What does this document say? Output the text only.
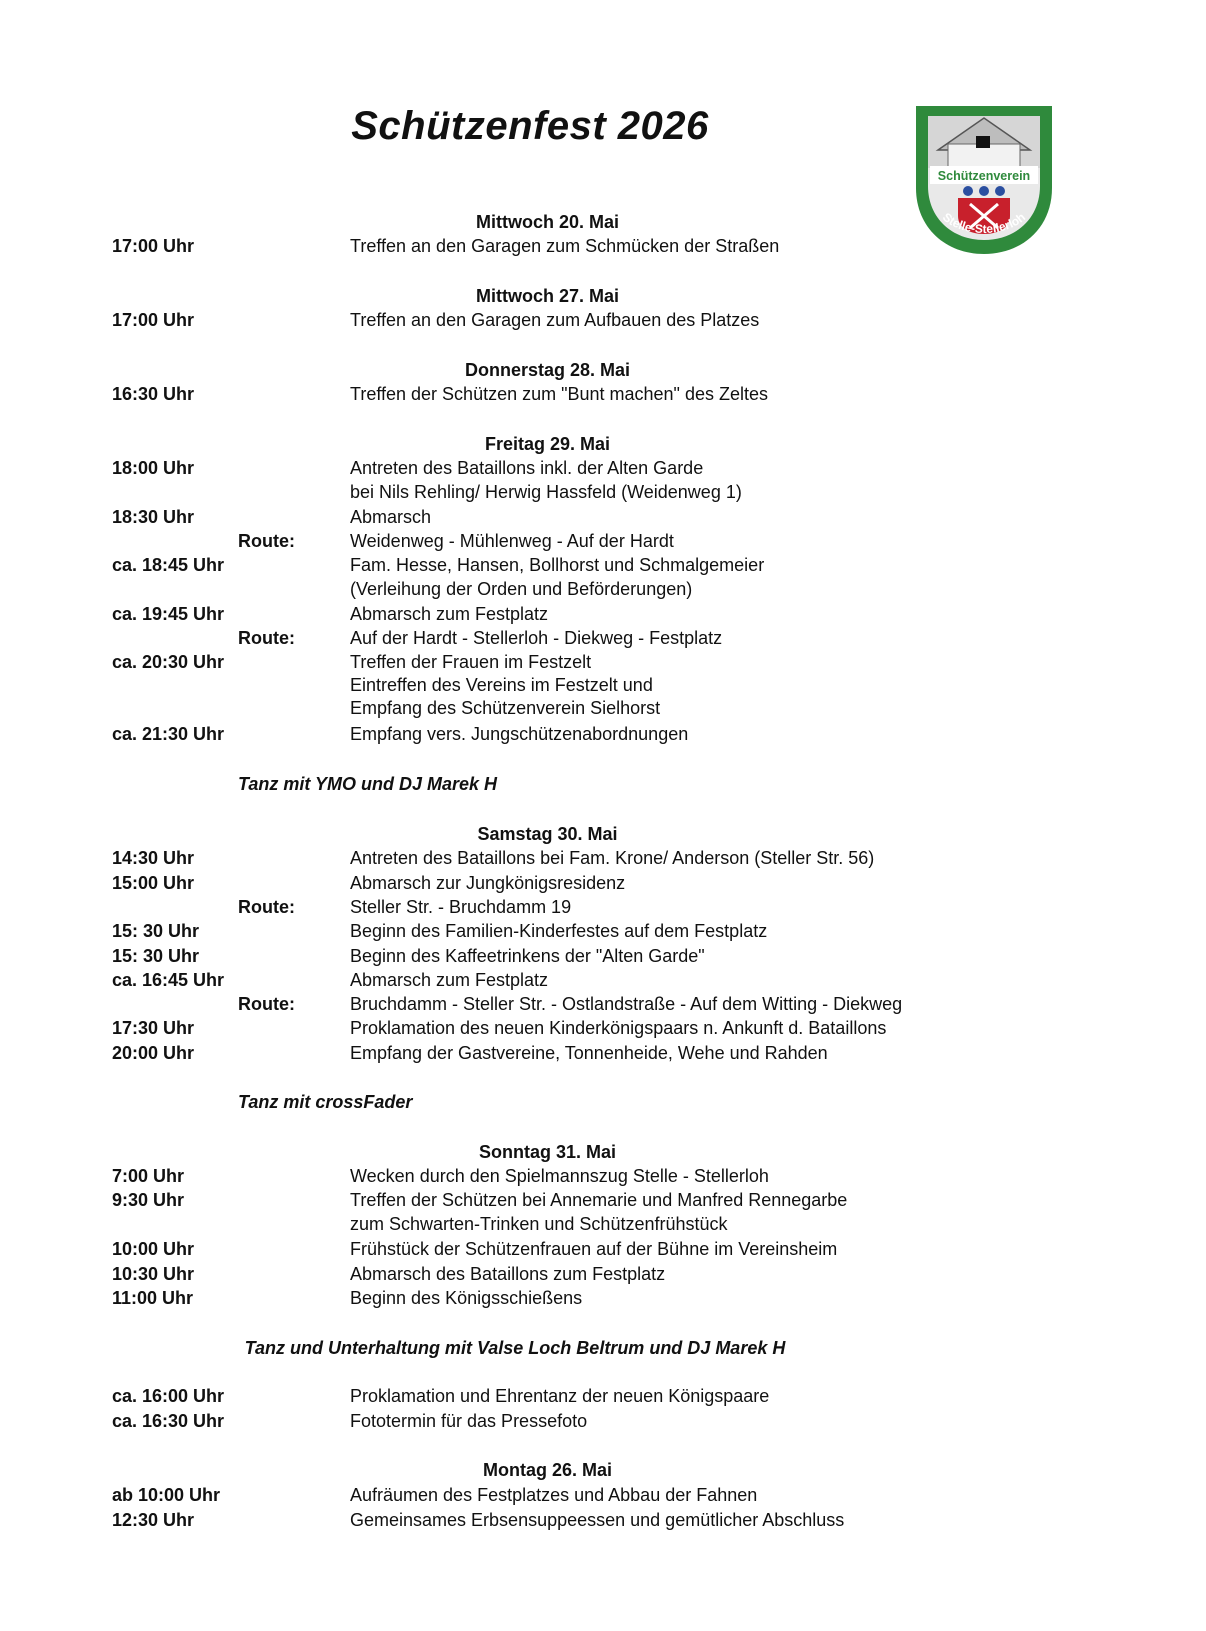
Schützenfest 2026
Schützenverein
Stelle-Stellerloh
Mittwoch 20. Mai
17:00 Uhr	Treffen an den Garagen zum Schmücken der Straßen
Mittwoch 27. Mai
17:00 Uhr	Treffen an den Garagen zum Aufbauen des Platzes
Donnerstag 28. Mai
16:30 Uhr	Treffen der Schützen zum "Bunt machen" des Zeltes
Freitag 29. Mai
18:00 Uhr	Antreten des Bataillons inkl. der Alten Garde
bei Nils Rehling/ Herwig Hassfeld (Weidenweg 1)
18:30 Uhr	Abmarsch
Route:	Weidenweg - Mühlenweg - Auf der Hardt
ca. 18:45 Uhr	Fam. Hesse, Hansen, Bollhorst und Schmalgemeier
(Verleihung der Orden und Beförderungen)
ca. 19:45 Uhr	Abmarsch zum Festplatz
Route:	Auf der Hardt - Stellerloh - Diekweg - Festplatz
ca. 20:30 Uhr	Treffen der Frauen im Festzelt
Eintreffen des Vereins im Festzelt und
Empfang des Schützenverein Sielhorst
ca. 21:30 Uhr	Empfang vers. Jungschützenabordnungen
Tanz mit YMO und DJ Marek H
Samstag 30. Mai
14:30 Uhr	Antreten des Bataillons bei Fam. Krone/ Anderson (Steller Str. 56)
15:00 Uhr	Abmarsch zur Jungkönigsresidenz
Route:	Steller Str. - Bruchdamm 19
15: 30 Uhr	Beginn des Familien-Kinderfestes auf dem Festplatz
15: 30 Uhr	Beginn des Kaffeetrinkens der "Alten Garde"
ca. 16:45 Uhr	Abmarsch zum Festplatz
Route:	Bruchdamm - Steller Str. - Ostlandstraße - Auf dem Witting - Diekweg
17:30 Uhr	Proklamation des neuen Kinderkönigspaars n. Ankunft d. Bataillons
20:00 Uhr	Empfang der Gastvereine, Tonnenheide, Wehe und Rahden
Tanz mit crossFader
Sonntag 31. Mai
7:00 Uhr	Wecken durch den Spielmannszug Stelle - Stellerloh
9:30 Uhr	Treffen der Schützen bei Annemarie und Manfred Rennegarbe
zum Schwarten-Trinken und Schützenfrühstück
10:00 Uhr	Frühstück der Schützenfrauen auf der Bühne im Vereinsheim
10:30 Uhr	Abmarsch des Bataillons zum Festplatz
11:00 Uhr	Beginn des Königsschießens
Tanz und Unterhaltung mit Valse Loch Beltrum und DJ Marek H
ca. 16:00 Uhr	Proklamation und Ehrentanz der neuen Königspaare
ca. 16:30 Uhr	Fototermin für das Pressefoto
Montag 26. Mai
ab 10:00 Uhr	Aufräumen des Festplatzes und Abbau der Fahnen
12:30 Uhr	Gemeinsames Erbsensuppeessen und gemütlicher Abschluss
